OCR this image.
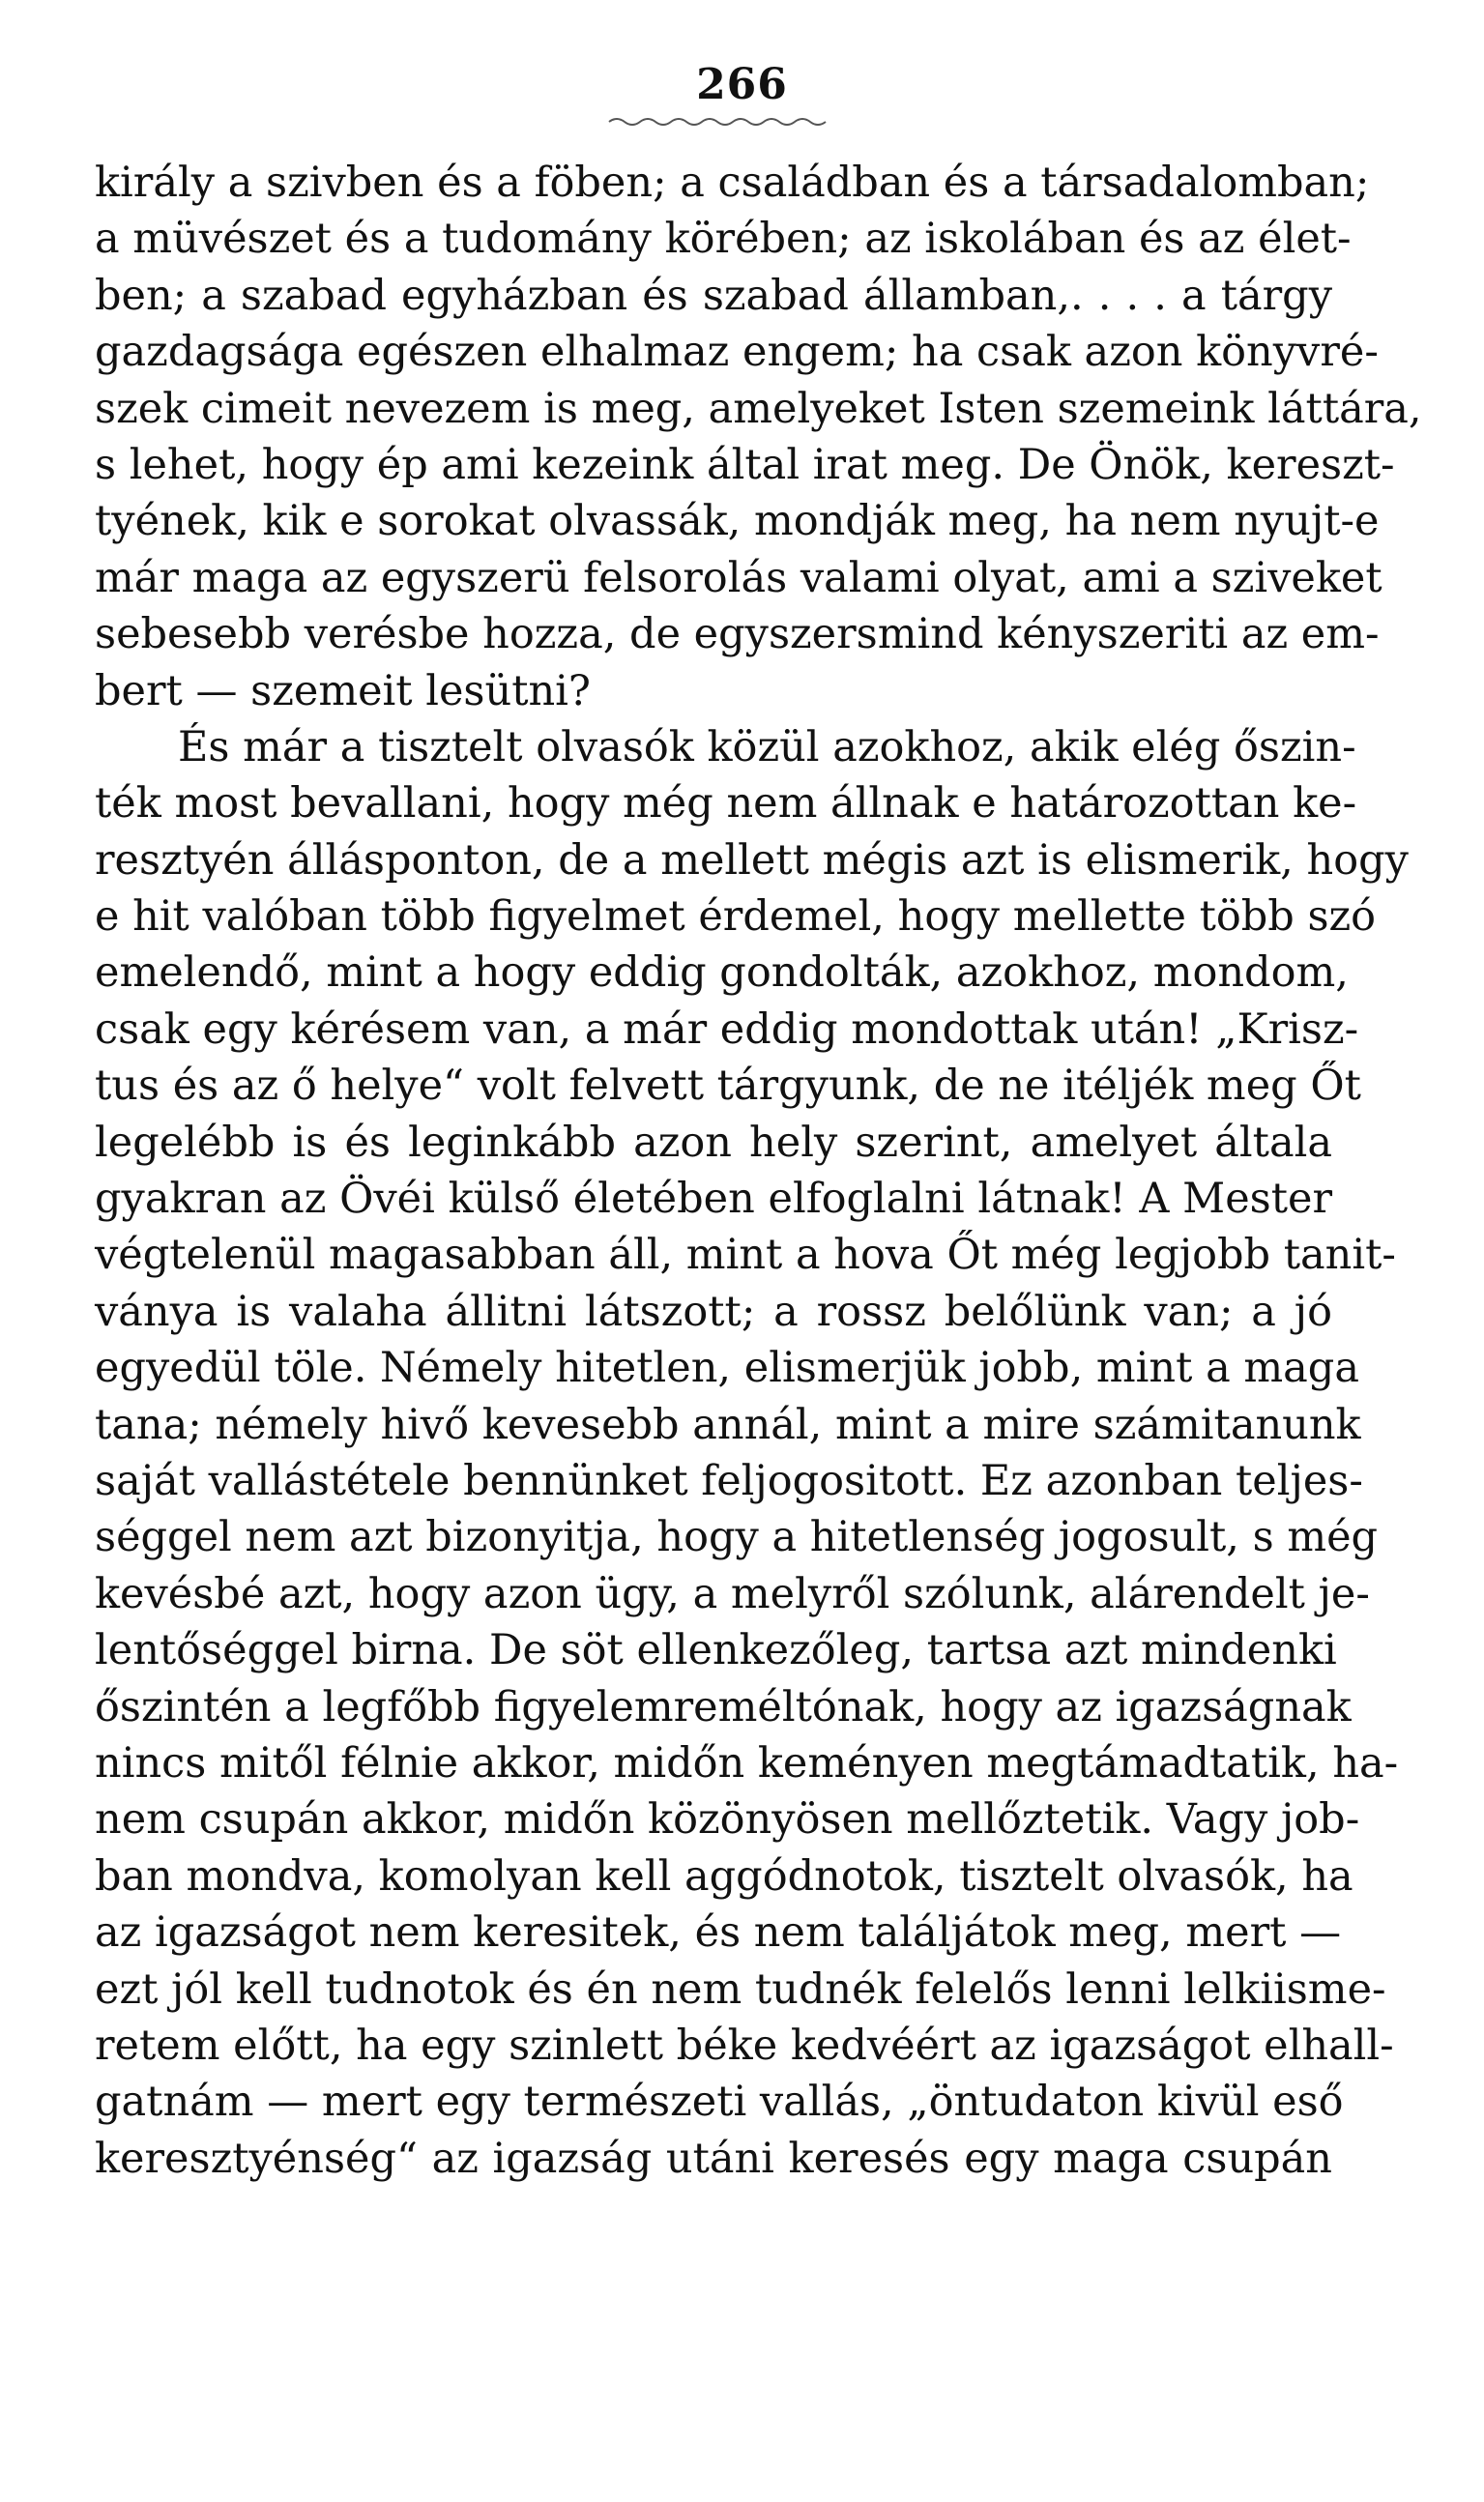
266
király a szivben és a föben; a családban és a társadalomban;
a müvészet és a tudomány körében; az iskolában és az élet-
ben; a szabad egyházban és szabad államban,. . . . a tárgy
gazdagsága egészen elhalmaz engem; ha csak azon könyvré-
szek cimeit nevezem is meg, amelyeket Isten szemeink láttára,
s lehet, hogy ép ami kezeink által irat meg. De Önök, kereszt-
tyének, kik e sorokat olvassák, mondják meg, ha nem nyujt-e
már maga az egyszerü felsorolás valami olyat, ami a sziveket
sebesebb verésbe hozza, de egyszersmind kényszeriti az em-
bert — szemeit lesütni?
És már a tisztelt olvasók közül azokhoz, akik elég őszin-
ték most bevallani, hogy még nem állnak e határozottan ke-
resztyén állásponton, de a mellett mégis azt is elismerik, hogy
e hit valóban több figyelmet érdemel, hogy mellette több szó
emelendő, mint a hogy eddig gondolták, azokhoz, mondom,
csak egy kérésem van, a már eddig mondottak után! „Krisz-
tus és az ő helye“ volt felvett tárgyunk, de ne itéljék meg Őt
legelébb is és leginkább azon hely szerint, amelyet általa
gyakran az Övéi külső életében elfoglalni látnak! A Mester
végtelenül magasabban áll, mint a hova Őt még legjobb tanit-
ványa is valaha állitni látszott; a rossz belőlünk van; a jó
egyedül töle. Némely hitetlen, elismerjük jobb, mint a maga
tana; némely hivő kevesebb annál, mint a mire számitanunk
saját vallástétele bennünket feljogositott. Ez azonban teljes-
séggel nem azt bizonyitja, hogy a hitetlenség jogosult, s még
kevésbé azt, hogy azon ügy, a melyről szólunk, alárendelt je-
lentőséggel birna. De söt ellenkezőleg, tartsa azt mindenki
őszintén a legfőbb figyelemreméltónak, hogy az igazságnak
nincs mitől félnie akkor, midőn keményen megtámadtatik, ha-
nem csupán akkor, midőn közönyösen mellőztetik. Vagy job-
ban mondva, komolyan kell aggódnotok, tisztelt olvasók, ha
az igazságot nem keresitek, és nem találjátok meg, mert —
ezt jól kell tudnotok és én nem tudnék felelős lenni lelkiisme-
retem előtt, ha egy szinlett béke kedvéért az igazságot elhall-
gatnám — mert egy természeti vallás, „öntudaton kivül eső
keresztyénség“ az igazság utáni keresés egy maga csupán
